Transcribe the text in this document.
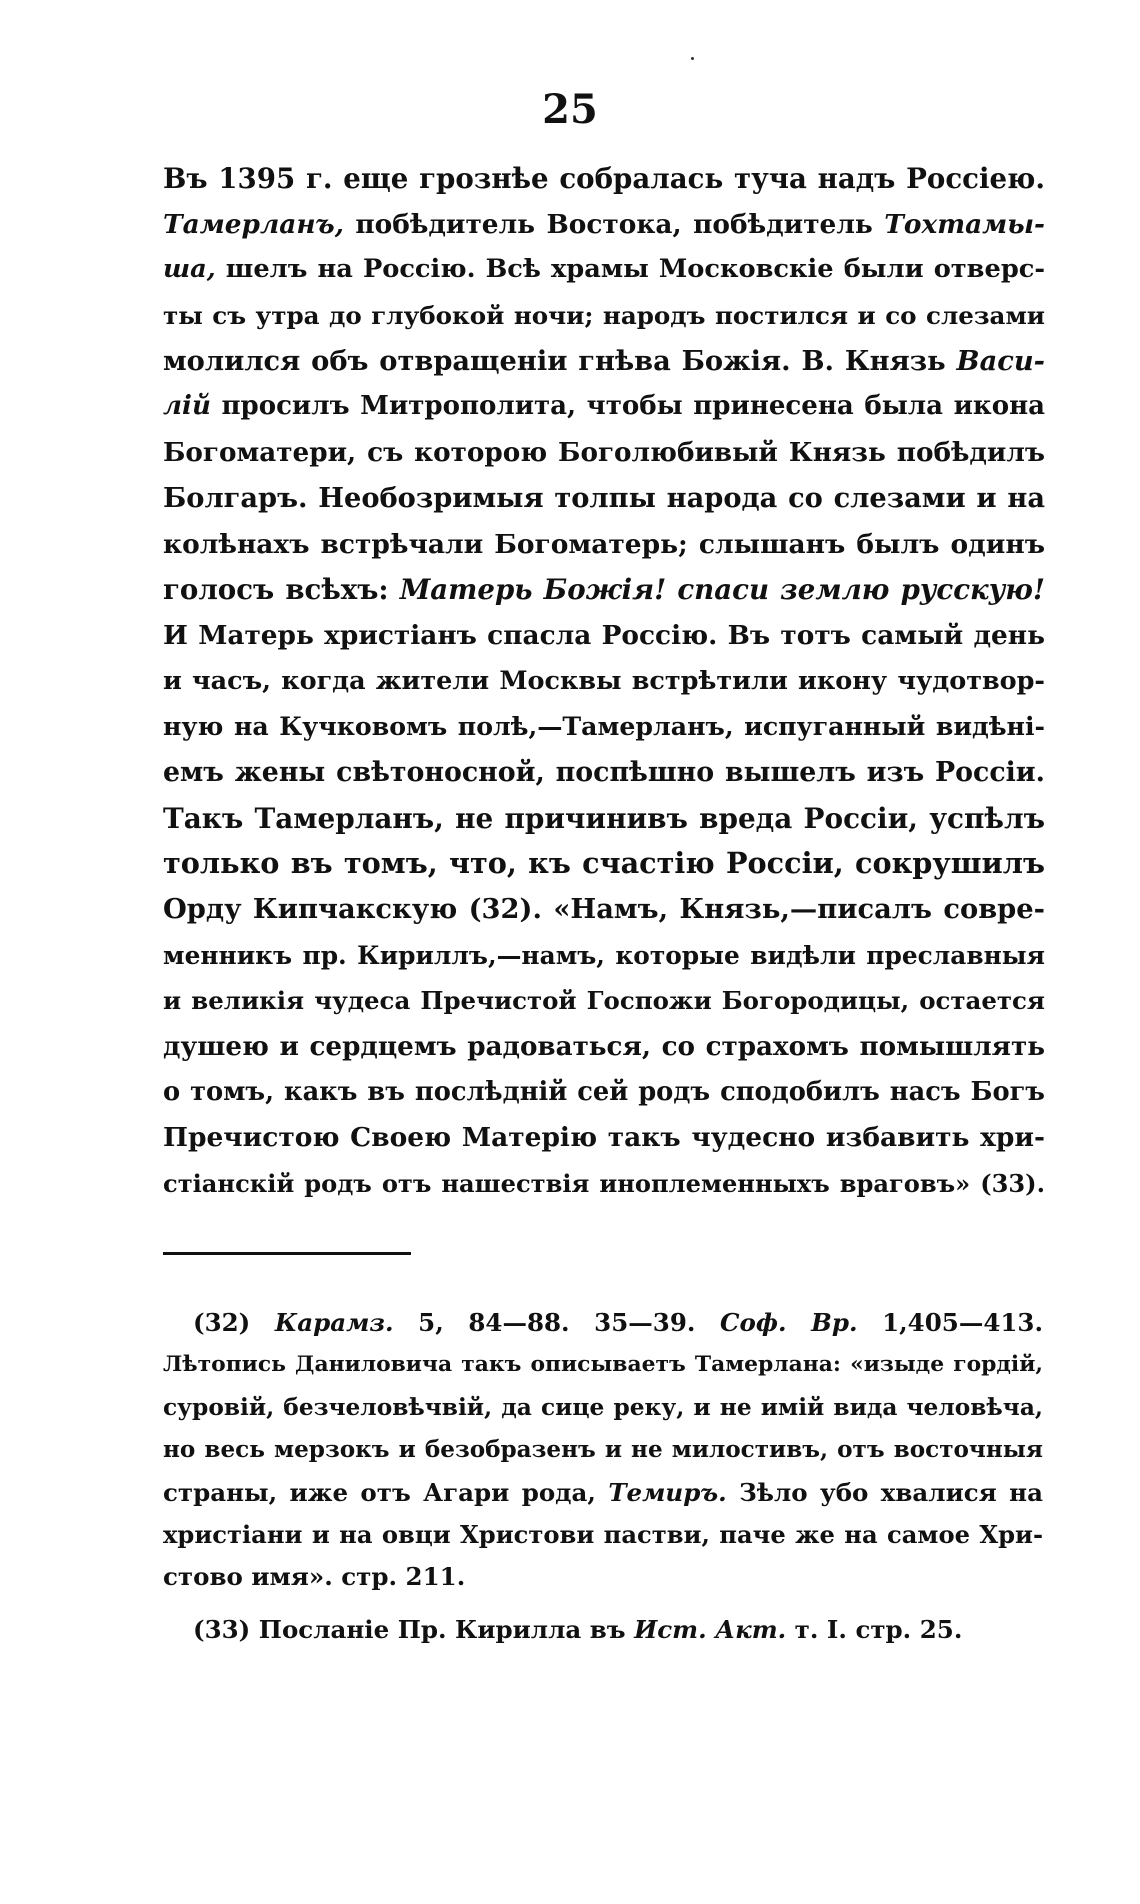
25
Въ 1395 г. еще грознѣе собралась туча надъ Россіею.
Тамерланъ, побѣдитель Востока, побѣдитель Тохтамы-
ша, шелъ на Россію. Всѣ храмы Московскіе были отверс-
ты съ утра до глубокой ночи; народъ постился и со слезами
молился объ отвращеніи гнѣва Божія. В. Князь Васи-
лій просилъ Митрополита, чтобы принесена была икона
Богоматери, съ которою Боголюбивый Князь побѣдилъ
Болгаръ. Необозримыя толпы народа со слезами и на
колѣнахъ встрѣчали Богоматерь; слышанъ былъ одинъ
голосъ всѣхъ: Матерь Божія! спаси землю русскую!
И Матерь христіанъ спасла Россію. Въ тотъ самый день
и часъ, когда жители Москвы встрѣтили икону чудотвор-
ную на Кучковомъ полѣ,—Тамерланъ, испуганный видѣні-
емъ жены свѣтоносной, поспѣшно вышелъ изъ Россіи.
Такъ Тамерланъ, не причинивъ вреда Россіи, успѣлъ
только въ томъ, что, къ счастію Россіи, сокрушилъ
Орду Кипчакскую (32). «Намъ, Князь,—писалъ совре-
менникъ пр. Кириллъ,—намъ, которые видѣли преславныя
и великія чудеса Пречистой Госпожи Богородицы, остается
душею и сердцемъ радоваться, со страхомъ помышлять
о томъ, какъ въ послѣдній сей родъ сподобилъ насъ Богъ
Пречистою Своею Матерію такъ чудесно избавить хри-
стіанскій родъ отъ нашествія иноплеменныхъ враговъ» (33).
(32) Карамз. 5, 84—88. 35—39. Соф. Вр. 1,405—413.
Лѣтопись Даниловича такъ описываетъ Тамерлана: «изыде гордій,
суровій, безчеловѣчвій, да сице реку, и не имій вида человѣча,
но весь мерзокъ и безобразенъ и не милостивъ, отъ восточныя
страны, иже отъ Агари рода, Темиръ. Зѣло убо хвалися на
христіани и на овци Христови пастви, паче же на самое Хри-
стово имя». стр. 211.
(33) Посланіе Пр. Кирилла въ Ист. Акт. т. I. стр. 25.
